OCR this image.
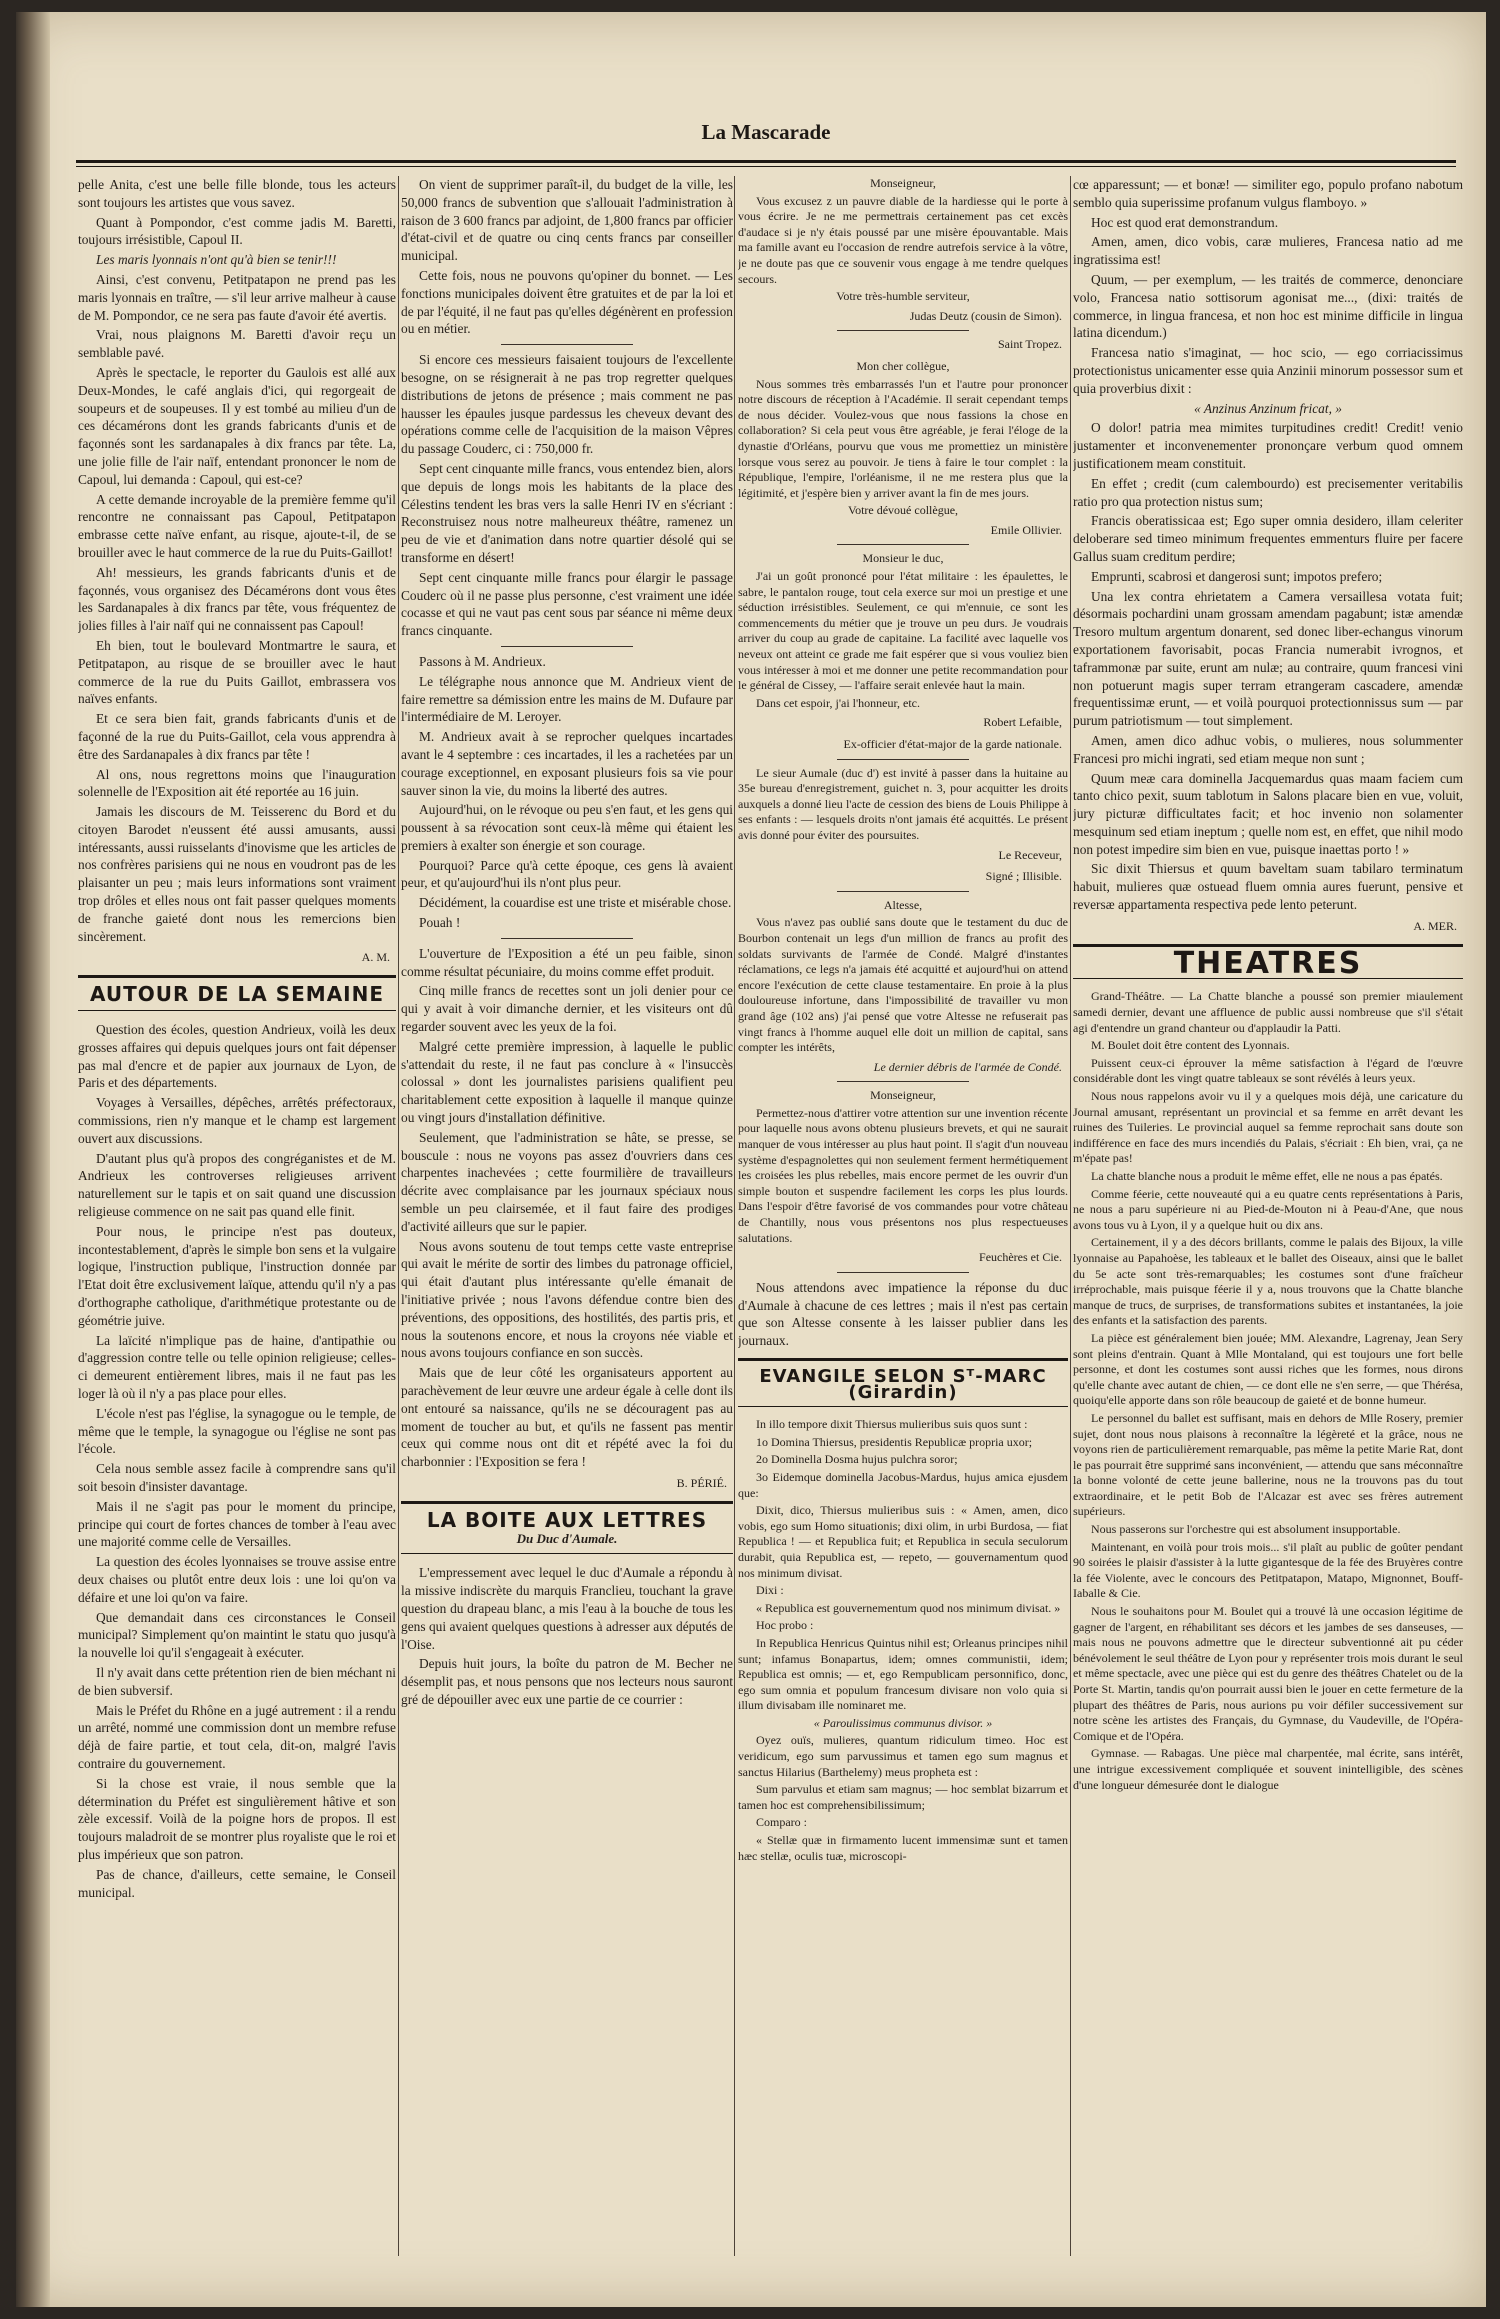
La Mascarade

pelle Anita, c'est une belle fille blonde, tous les acteurs sont toujours les artistes que vous savez.

Quant à Pompondor, c'est comme jadis M. Baretti, toujours irrésistible, Capoul II.

Les maris lyonnais n'ont qu'à bien se tenir!!!

Ainsi, c'est convenu, Petitpatapon ne prend pas les maris lyonnais en traître, — s'il leur arrive malheur à cause de M. Pompondor, ce ne sera pas faute d'avoir été avertis.

Vrai, nous plaignons M. Baretti d'avoir reçu un semblable pavé.

Après le spectacle, le reporter du Gaulois est allé aux Deux-Mondes, le café anglais d'ici, qui regorgeait de soupeurs et de soupeuses. Il y est tombé au milieu d'un de ces décamérons dont les grands fabricants d'unis et de façonnés sont les sardanapales à dix francs par tête. La, une jolie fille de l'air naïf, entendant prononcer le nom de Capoul, lui demanda : Capoul, qui est-ce?

A cette demande incroyable de la première femme qu'il rencontre ne connaissant pas Capoul, Petitpatapon embrasse cette naïve enfant, au risque, ajoute-t-il, de se brouiller avec le haut commerce de la rue du Puits-Gaillot!

Ah! messieurs, les grands fabricants d'unis et de façonnés, vous organisez des Décamérons dont vous êtes les Sardanapales à dix francs par tête, vous fréquentez de jolies filles à l'air naïf qui ne connaissent pas Capoul!

Eh bien, tout le boulevard Montmartre le saura, et Petitpatapon, au risque de se brouiller avec le haut commerce de la rue du Puits Gaillot, embrassera vos naïves enfants.

Et ce sera bien fait, grands fabricants d'unis et de façonné de la rue du Puits-Gaillot, cela vous apprendra à être des Sardanapales à dix francs par tête !

Al ons, nous regrettons moins que l'inauguration solennelle de l'Exposition ait été reportée au 16 juin.

Jamais les discours de M. Teisserenc du Bord et du citoyen Barodet n'eussent été aussi amusants, aussi intéressants, aussi ruisselants d'inovisme que les articles de nos confrères parisiens qui ne nous en voudront pas de les plaisanter un peu ; mais leurs informations sont vraiment trop drôles et elles nous ont fait passer quelques moments de franche gaieté dont nous les remercions bien sincèrement.

A. M.
AUTOUR DE LA SEMAINE

Question des écoles, question Andrieux, voilà les deux grosses affaires qui depuis quelques jours ont fait dépenser pas mal d'encre et de papier aux journaux de Lyon, de Paris et des départements.

Voyages à Versailles, dépêches, arrêtés préfectoraux, commissions, rien n'y manque et le champ est largement ouvert aux discussions.

D'autant plus qu'à propos des congréganistes et de M. Andrieux les controverses religieuses arrivent naturellement sur le tapis et on sait quand une discussion religieuse commence on ne sait pas quand elle finit.

Pour nous, le principe n'est pas douteux, incontestablement, d'après le simple bon sens et la vulgaire logique, l'instruction publique, l'instruction donnée par l'Etat doit être exclusivement laïque, attendu qu'il n'y a pas d'orthographe catholique, d'arithmétique protestante ou de géométrie juive.

La laïcité n'implique pas de haine, d'antipathie ou d'aggression contre telle ou telle opinion religieuse; celles-ci demeurent entièrement libres, mais il ne faut pas les loger là où il n'y a pas place pour elles.

L'école n'est pas l'église, la synagogue ou le temple, de même que le temple, la synagogue ou l'église ne sont pas l'école.

Cela nous semble assez facile à comprendre sans qu'il soit besoin d'insister davantage.

Mais il ne s'agit pas pour le moment du principe, principe qui court de fortes chances de tomber à l'eau avec une majorité comme celle de Versailles.

La question des écoles lyonnaises se trouve assise entre deux chaises ou plutôt entre deux lois : une loi qu'on va défaire et une loi qu'on va faire.

Que demandait dans ces circonstances le Conseil municipal? Simplement qu'on maintint le statu quo jusqu'à la nouvelle loi qu'il s'engageait à exécuter.

Il n'y avait dans cette prétention rien de bien méchant ni de bien subversif.

Mais le Préfet du Rhône en a jugé autrement : il a rendu un arrêté, nommé une commission dont un membre refuse déjà de faire partie, et tout cela, dit-on, malgré l'avis contraire du gouvernement.

Si la chose est vraie, il nous semble que la détermination du Préfet est singulièrement hâtive et son zèle excessif. Voilà de la poigne hors de propos. Il est toujours maladroit de se montrer plus royaliste que le roi et plus impérieux que son patron.

Pas de chance, d'ailleurs, cette semaine, le Conseil municipal.

On vient de supprimer paraît-il, du budget de la ville, les 50,000 francs de subvention que s'allouait l'administration à raison de 3 600 francs par adjoint, de 1,800 francs par officier d'état-civil et de quatre ou cinq cents francs par conseiller municipal.

Cette fois, nous ne pouvons qu'opiner du bonnet. — Les fonctions municipales doivent être gratuites et de par la loi et de par l'équité, il ne faut pas qu'elles dégénèrent en profession ou en métier.

Si encore ces messieurs faisaient toujours de l'excellente besogne, on se résignerait à ne pas trop regretter quelques distributions de jetons de présence ; mais comment ne pas hausser les épaules jusque pardessus les cheveux devant des opérations comme celle de l'acquisition de la maison Vêpres du passage Couderc, ci : 750,000 fr.

Sept cent cinquante mille francs, vous entendez bien, alors que depuis de longs mois les habitants de la place des Célestins tendent les bras vers la salle Henri IV en s'écriant : Reconstruisez nous notre malheureux théâtre, ramenez un peu de vie et d'animation dans notre quartier désolé qui se transforme en désert!

Sept cent cinquante mille francs pour élargir le passage Couderc où il ne passe plus personne, c'est vraiment une idée cocasse et qui ne vaut pas cent sous par séance ni même deux francs cinquante.

Passons à M. Andrieux.

Le télégraphe nous annonce que M. Andrieux vient de faire remettre sa démission entre les mains de M. Dufaure par l'intermédiaire de M. Leroyer.

M. Andrieux avait à se reprocher quelques incartades avant le 4 septembre : ces incartades, il les a rachetées par un courage exceptionnel, en exposant plusieurs fois sa vie pour sauver sinon la vie, du moins la liberté des autres.

Aujourd'hui, on le révoque ou peu s'en faut, et les gens qui poussent à sa révocation sont ceux-là même qui étaient les premiers à exalter son énergie et son courage.

Pourquoi? Parce qu'à cette époque, ces gens là avaient peur, et qu'aujourd'hui ils n'ont plus peur.

Décidément, la couardise est une triste et misérable chose.

Pouah !

L'ouverture de l'Exposition a été un peu faible, sinon comme résultat pécuniaire, du moins comme effet produit.

Cinq mille francs de recettes sont un joli denier pour ce qui y avait à voir dimanche dernier, et les visiteurs ont dû regarder souvent avec les yeux de la foi.

Malgré cette première impression, à laquelle le public s'attendait du reste, il ne faut pas conclure à « l'insuccès colossal » dont les journalistes parisiens qualifient peu charitablement cette exposition à laquelle il manque quinze ou vingt jours d'installation définitive.

Seulement, que l'administration se hâte, se presse, se bouscule : nous ne voyons pas assez d'ouvriers dans ces charpentes inachevées ; cette fourmilière de travailleurs décrite avec complaisance par les journaux spéciaux nous semble un peu clairsemée, et il faut faire des prodiges d'activité ailleurs que sur le papier.

Nous avons soutenu de tout temps cette vaste entreprise qui avait le mérite de sortir des limbes du patronage officiel, qui était d'autant plus intéressante qu'elle émanait de l'initiative privée ; nous l'avons défendue contre bien des préventions, des oppositions, des hostilités, des partis pris, et nous la soutenons encore, et nous la croyons née viable et nous avons toujours confiance en son succès.

Mais que de leur côté les organisateurs apportent au parachèvement de leur œuvre une ardeur égale à celle dont ils ont entouré sa naissance, qu'ils ne se découragent pas au moment de toucher au but, et qu'ils ne fassent pas mentir ceux qui comme nous ont dit et répété avec la foi du charbonnier : l'Exposition se fera !

B. PÉRIÉ.
LA BOITE AUX LETTRES
Du Duc d'Aumale.

L'empressement avec lequel le duc d'Aumale a répondu à la missive indiscrète du marquis Franclieu, touchant la grave question du drapeau blanc, a mis l'eau à la bouche de tous les gens qui avaient quelques questions à adresser aux députés de l'Oise.

Depuis huit jours, la boîte du patron de M. Becher ne désemplit pas, et nous pensons que nos lecteurs nous sauront gré de dépouiller avec eux une partie de ce courrier :

Monseigneur,

Vous excusez z un pauvre diable de la hardiesse qui le porte à vous écrire. Je ne me permettrais certainement pas cet excès d'audace si je n'y étais poussé par une misère épouvantable. Mais ma famille avant eu l'occasion de rendre autrefois service à la vôtre, je ne doute pas que ce souvenir vous engage à me tendre quelques secours.

Votre très-humble serviteur,

Judas Deutz (cousin de Simon).
Saint Tropez.

Mon cher collègue,

Nous sommes très embarrassés l'un et l'autre pour prononcer notre discours de réception à l'Académie. Il serait cependant temps de nous décider. Voulez-vous que nous fassions la chose en collaboration? Si cela peut vous être agréable, je ferai l'éloge de la dynastie d'Orléans, pourvu que vous me promettiez un ministère lorsque vous serez au pouvoir. Je tiens à faire le tour complet : la République, l'empire, l'orléanisme, il ne me restera plus que la légitimité, et j'espère bien y arriver avant la fin de mes jours.

Votre dévoué collègue,

Emile Ollivier.

Monsieur le duc,

J'ai un goût prononcé pour l'état militaire : les épaulettes, le sabre, le pantalon rouge, tout cela exerce sur moi un prestige et une séduction irrésistibles. Seulement, ce qui m'ennuie, ce sont les commencements du métier que je trouve un peu durs. Je voudrais arriver du coup au grade de capitaine. La facilité avec laquelle vos neveux ont atteint ce grade me fait espérer que si vous vouliez bien vous intéresser à moi et me donner une petite recommandation pour le général de Cissey, — l'affaire serait enlevée haut la main.

Dans cet espoir, j'ai l'honneur, etc.

Robert Lefaible,
Ex-officier d'état-major de la garde nationale.

Le sieur Aumale (duc d') est invité à passer dans la huitaine au 35e bureau d'enregistrement, guichet n. 3, pour acquitter les droits auxquels a donné lieu l'acte de cession des biens de Louis Philippe à ses enfants : — lesquels droits n'ont jamais été acquittés. Le présent avis donné pour éviter des poursuites.

Le Receveur,
Signé ; Illisible.

Altesse,

Vous n'avez pas oublié sans doute que le testament du duc de Bourbon contenait un legs d'un million de francs au profit des soldats survivants de l'armée de Condé. Malgré d'instantes réclamations, ce legs n'a jamais été acquitté et aujourd'hui on attend encore l'exécution de cette clause testamentaire. En proie à la plus douloureuse infortune, dans l'impossibilité de travailler vu mon grand âge (102 ans) j'ai pensé que votre Altesse ne refuserait pas vingt francs à l'homme auquel elle doit un million de capital, sans compter les intérêts,

Le dernier débris de l'armée de Condé.

Monseigneur,

Permettez-nous d'attirer votre attention sur une invention récente pour laquelle nous avons obtenu plusieurs brevets, et qui ne saurait manquer de vous intéresser au plus haut point. Il s'agit d'un nouveau système d'espagnolettes qui non seulement ferment hermétiquement les croisées les plus rebelles, mais encore permet de les ouvrir d'un simple bouton et suspendre facilement les corps les plus lourds. Dans l'espoir d'être favorisé de vos commandes pour votre château de Chantilly, nous vous présentons nos plus respectueuses salutations.

Feuchères et Cie.

Nous attendons avec impatience la réponse du duc d'Aumale à chacune de ces lettres ; mais il n'est pas certain que son Altesse consente à les laisser publier dans les journaux.

EVANGILE SELON Sᵀ-MARC (Girardin)

In illo tempore dixit Thiersus mulieribus suis quos sunt :

1o Domina Thiersus, presidentis Republicæ propria uxor;

2o Dominella Dosma hujus pulchra soror;

3o Eidemque dominella Jacobus-Mardus, hujus amica ejusdem que:

Dixit, dico, Thiersus mulieribus suis : « Amen, amen, dico vobis, ego sum Homo situationis; dixi olim, in urbi Burdosa, — fiat Republica ! — et Republica fuit; et Republica in secula seculorum durabit, quia Republica est, — repeto, — gouvernamentum quod nos minimum divisat.

Dixi :

« Republica est gouvernementum quod nos minimum divisat. »

Hoc probo :

In Republica Henricus Quintus nihil est; Orleanus principes nihil sunt; infamus Bonapartus, idem; omnes communistii, idem; Republica est omnis; — et, ego Rempublicam personnifico, donc, ego sum omnia et populum francesum divisare non volo quia si illum divisabam ille nominaret me.

« Paroulissimus communus divisor. »

Oyez ouïs, mulieres, quantum ridiculum timeo. Hoc est veridicum, ego sum parvussimus et tamen ego sum magnus et sanctus Hilarius (Barthelemy) meus propheta est :

Sum parvulus et etiam sam magnus; — hoc semblat bizarrum et tamen hoc est comprehensibilissimum;

Comparo :

« Stellæ quæ in firmamento lucent immensimæ sunt et tamen hæc stellæ, oculis tuæ, microscopi-

cœ apparessunt; — et bonæ! — similiter ego, populo profano nabotum semblo quia superissime profanum vulgus flamboyo. »

Hoc est quod erat demonstrandum.

Amen, amen, dico vobis, caræ mulieres, Francesa natio ad me ingratissima est!

Quum, — per exemplum, — les traités de commerce, denonciare volo, Francesa natio sottisorum agonisat me..., (dixi: traités de commerce, in lingua francesa, et non hoc est minime difficile in lingua latina dicendum.)

Francesa natio s'imaginat, — hoc scio, — ego corriacissimus protectionistus unicamenter esse quia Anzinii minorum possessor sum et quia proverbius dixit :

« Anzinus Anzinum fricat, »

O dolor! patria mea mimites turpitudines credit! Credit! venio justamenter et inconvenementer prononçare verbum quod omnem justificationem meam constituit.

En effet ; credit (cum calembourdo) est precisementer veritabilis ratio pro qua protection nistus sum;

Francis oberatissicaa est; Ego super omnia desidero, illam celeriter deloberare sed timeo minimum frequentes emmenturs fluire per facere Gallus suam creditum perdire;

Emprunti, scabrosi et dangerosi sunt; impotos prefero;

Una lex contra ehrietatem a Camera versaillesa votata fuit; désormais pochardini unam grossam amendam pagabunt; istæ amendæ Tresoro multum argentum donarent, sed donec liber-echangus vinorum exportationem favorisabit, pocas Francia numerabit ivrognos, et taframmonæ par suite, erunt am nulæ; au contraire, quum francesi vini non potuerunt magis super terram etrangeram cascadere, amendæ frequentissimæ erunt, — et voilà pourquoi protectionnissus sum — par purum patriotismum — tout simplement.

Amen, amen dico adhuc vobis, o mulieres, nous solummenter Francesi pro michi ingrati, sed etiam meque non sunt ;

Quum meæ cara dominella Jacquemardus quas maam faciem cum tanto chico pexit, suum tablotum in Salons placare bien en vue, voluit, jury picturæ difficultates facit; et hoc invenio non solamenter mesquinum sed etiam ineptum ; quelle nom est, en effet, que nihil modo non potest impedire sim bien en vue, puisque inaettas porto ! »

Sic dixit Thiersus et quum baveltam suam tabilaro terminatum habuit, mulieres quæ ostuead fluem omnia aures fuerunt, pensive et reversæ appartamenta respectiva pede lento peterunt.

A. MER.
THEATRES

Grand-Théâtre. — La Chatte blanche a poussé son premier miaulement samedi dernier, devant une affluence de public aussi nombreuse que s'il s'était agi d'entendre un grand chanteur ou d'applaudir la Patti.

M. Boulet doit être content des Lyonnais.

Puissent ceux-ci éprouver la même satisfaction à l'égard de l'œuvre considérable dont les vingt quatre tableaux se sont révélés à leurs yeux.

Nous nous rappelons avoir vu il y a quelques mois déjà, une caricature du Journal amusant, représentant un provincial et sa femme en arrêt devant les ruines des Tuileries. Le provincial auquel sa femme reprochait sans doute son indifférence en face des murs incendiés du Palais, s'écriait : Eh bien, vrai, ça ne m'épate pas!

La chatte blanche nous a produit le même effet, elle ne nous a pas épatés.

Comme féerie, cette nouveauté qui a eu quatre cents représentations à Paris, ne nous a paru supérieure ni au Pied-de-Mouton ni à Peau-d'Ane, que nous avons tous vu à Lyon, il y a quelque huit ou dix ans.

Certainement, il y a des décors brillants, comme le palais des Bijoux, la ville lyonnaise au Papahoèse, les tableaux et le ballet des Oiseaux, ainsi que le ballet du 5e acte sont très-remarquables; les costumes sont d'une fraîcheur irréprochable, mais puisque féerie il y a, nous trouvons que la Chatte blanche manque de trucs, de surprises, de transformations subites et instantanées, la joie des enfants et la satisfaction des parents.

La pièce est généralement bien jouée; MM. Alexandre, Lagrenay, Jean Sery sont pleins d'entrain. Quant à Mlle Montaland, qui est toujours une fort belle personne, et dont les costumes sont aussi riches que les formes, nous dirons qu'elle chante avec autant de chien, — ce dont elle ne s'en serre, — que Thérésa, quoiqu'elle apporte dans son rôle beaucoup de gaieté et de bonne humeur.

Le personnel du ballet est suffisant, mais en dehors de Mlle Rosery, premier sujet, dont nous nous plaisons à reconnaître la légèreté et la grâce, nous ne voyons rien de particulièrement remarquable, pas même la petite Marie Rat, dont le pas pourrait être supprimé sans inconvénient, — attendu que sans méconnaître la bonne volonté de cette jeune ballerine, nous ne la trouvons pas du tout extraordinaire, et le petit Bob de l'Alcazar est avec ses frères autrement supérieurs.

Nous passerons sur l'orchestre qui est absolument insupportable.

Maintenant, en voilà pour trois mois... s'il plaît au public de goûter pendant 90 soirées le plaisir d'assister à la lutte gigantesque de la fée des Bruyères contre la fée Violente, avec le concours des Petitpatapon, Matapo, Mignonnet, Bouff-Iaballe & Cie.

Nous le souhaitons pour M. Boulet qui a trouvé là une occasion légitime de gagner de l'argent, en réhabilitant ses décors et les jambes de ses danseuses, — mais nous ne pouvons admettre que le directeur subventionné ait pu céder bénévolement le seul théâtre de Lyon pour y représenter trois mois durant le seul et même spectacle, avec une pièce qui est du genre des théâtres Chatelet ou de la Porte St. Martin, tandis qu'on pourrait aussi bien le jouer en cette fermeture de la plupart des théâtres de Paris, nous aurions pu voir défiler successivement sur notre scène les artistes des Français, du Gymnase, du Vaudeville, de l'Opéra-Comique et de l'Opéra.

Gymnase. — Rabagas. Une pièce mal charpentée, mal écrite, sans intérêt, une intrigue excessivement compliquée et souvent inintelligible, des scènes d'une longueur démesurée dont le dialogue
